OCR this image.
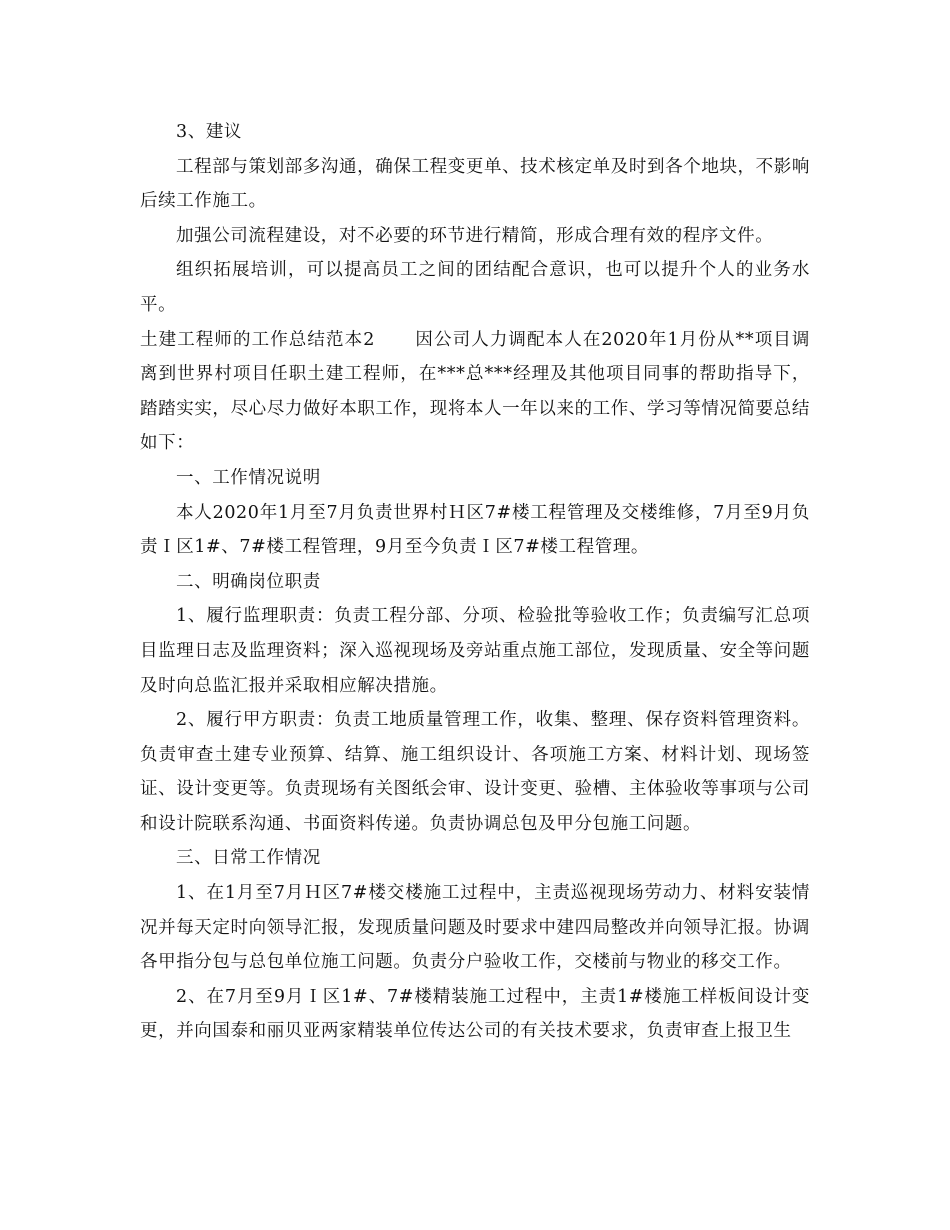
3、建议

工程部与策划部多沟通，确保工程变更单、技术核定单及时到各个地块，不影响后续工作施工。

加强公司流程建设，对不必要的环节进行精简，形成合理有效的程序文件。

组织拓展培训，可以提高员工之间的团结配合意识，也可以提升个人的业务水平。

土建工程师的工作总结范本2 因公司人力调配本人在2020年1月份从**项目调离到世界村项目任职土建工程师，在***总***经理及其他项目同事的帮助指导下，踏踏实实，尽心尽力做好本职工作，现将本人一年以来的工作、学习等情况简要总结如下：

一、工作情况说明

本人2020年1月至7月负责世界村Ｈ区7#楼工程管理及交楼维修，7月至9月负责Ｉ区1#、7#楼工程管理，9月至今负责Ｉ区7#楼工程管理。

二、明确岗位职责

1、履行监理职责：负责工程分部、分项、检验批等验收工作；负责编写汇总项目监理日志及监理资料；深入巡视现场及旁站重点施工部位，发现质量、安全等问题及时向总监汇报并采取相应解决措施。

2、履行甲方职责：负责工地质量管理工作，收集、整理、保存资料管理资料。负责审查土建专业预算、结算、施工组织设计、各项施工方案、材料计划、现场签证、设计变更等。负责现场有关图纸会审、设计变更、验槽、主体验收等事项与公司和设计院联系沟通、书面资料传递。负责协调总包及甲分包施工问题。

三、日常工作情况

1、在1月至7月Ｈ区7#楼交楼施工过程中，主责巡视现场劳动力、材料安装情况并每天定时向领导汇报，发现质量问题及时要求中建四局整改并向领导汇报。协调各甲指分包与总包单位施工问题。负责分户验收工作，交楼前与物业的移交工作。

2、在7月至9月Ｉ区1#、7#楼精装施工过程中，主责1#楼施工样板间设计变更，并向国泰和丽贝亚两家精装单位传达公司的有关技术要求，负责审查上报卫生
